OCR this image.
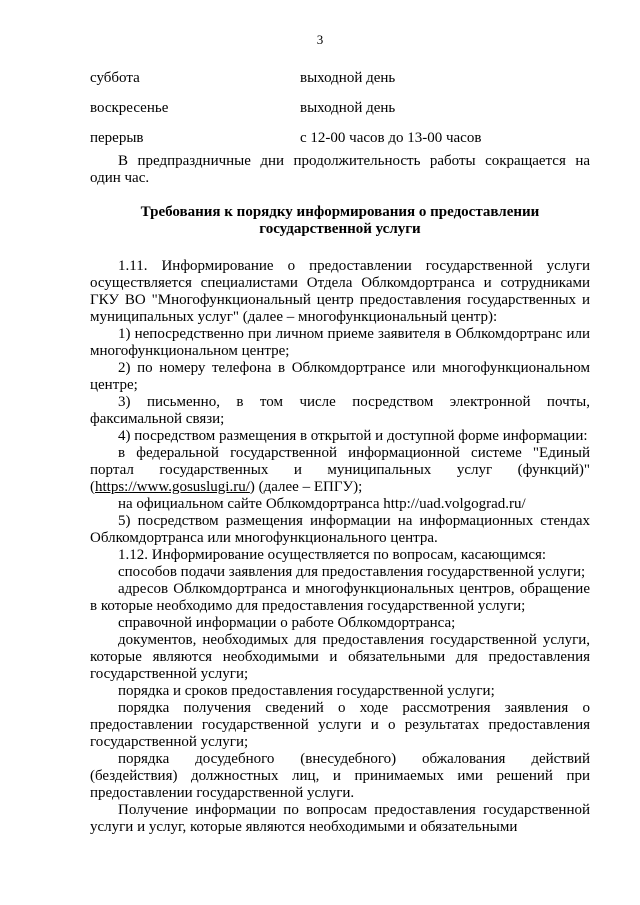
3
суббота	выходной день
воскресенье	выходной день
перерыв	с 12-00 часов до 13-00 часов
В предпраздничные дни продолжительность работы сокращается на один час.
Требования к порядку информирования о предоставлении
государственной услуги

1.11. Информирование о предоставлении государственной услуги осуществляется специалистами Отдела Облкомдортранса и сотрудниками ГКУ ВО "Многофункциональный центр предоставления государственных и муниципальных услуг" (далее – многофункциональный центр):

1) непосредственно при личном приеме заявителя в Облкомдортранс или многофункциональном центре;

2) по номеру телефона в Облкомдортрансе или многофункциональном центре;

3) письменно, в том числе посредством электронной почты, факсимальной связи;

4) посредством размещения в открытой и доступной форме информации:

в федеральной государственной информационной системе "Единый портал государственных и муниципальных услуг (функций)" (https://www.gosuslugi.ru/) (далее – ЕПГУ);

на официальном сайте Облкомдортранса http://uad.volgograd.ru/

5) посредством размещения информации на информационных стендах Облкомдортранса или многофункционального центра.

1.12. Информирование осуществляется по вопросам, касающимся:

способов подачи заявления для предоставления государственной услуги;

адресов Облкомдортранса и многофункциональных центров, обращение в которые необходимо для предоставления государственной услуги;

справочной информации о работе Облкомдортранса;

документов, необходимых для предоставления государственной услуги, которые являются необходимыми и обязательными для предоставления государственной услуги;

порядка и сроков предоставления государственной услуги;

порядка получения сведений о ходе рассмотрения заявления о предоставлении государственной услуги и о результатах предоставления государственной услуги;

порядка досудебного (внесудебного) обжалования действий (бездействия) должностных лиц, и принимаемых ими решений при предоставлении государственной услуги.

Получение информации по вопросам предоставления государственной услуги и услуг, которые являются необходимыми и обязательными
